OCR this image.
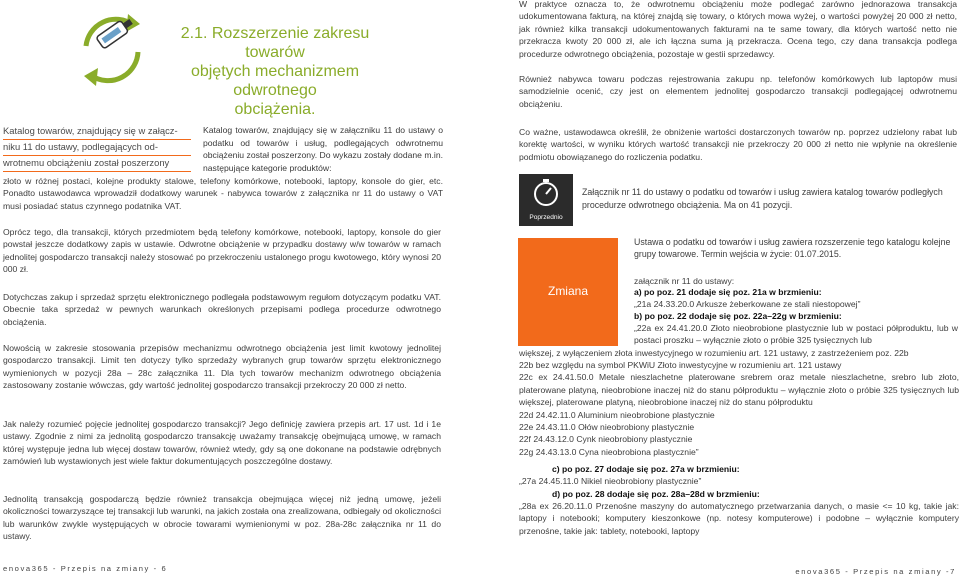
2.1. Rozszerzenie zakresu towarów
objętych mechanizmem odwrotnego
obciążenia.
Katalog towarów, znajdujący się w załącz-
niku 11 do ustawy, podlegających od-
wrotnemu obciążeniu został poszerzony
Katalog towarów, znajdujący się w załączniku 11 do ustawy o podatku od towarów i usług, podlegających odwrotnemu obciążeniu został poszerzony. Do wykazu zostały dodane m.in. następujące kategorie produktów:
złoto w różnej postaci, kolejne produkty stalowe, telefony komórkowe, notebooki, laptopy, konsole do gier, etc. Ponadto ustawodawca wprowadził dodatkowy warunek - nabywca towarów z załącznika nr 11 do ustawy o VAT musi posiadać status czynnego podatnika VAT.
Oprócz tego, dla transakcji, których przedmiotem będą telefony komórkowe, notebooki, laptopy, konsole do gier powstał jeszcze dodatkowy zapis w ustawie. Odwrotne obciążenie w przypadku dostawy w/w towarów w ramach jednolitej gospodarczo transakcji należy stosować po przekroczeniu ustalonego progu kwotowego, który wynosi 20 000 zł.
Dotychczas zakup i sprzedaż sprzętu elektronicznego podlegała podstawowym regułom dotyczącym podatku VAT. Obecnie taka sprzedaż w pewnych warunkach określonych przepisami podlega procedurze odwrotnego obciążenia.
Nowością w zakresie stosowania przepisów mechanizmu odwrotnego obciążenia jest limit kwotowy jednolitej gospodarczo transakcji. Limit ten dotyczy tylko sprzedaży wybranych grup towarów sprzętu elektronicznego wymienionych w pozycji 28a – 28c załącznika 11. Dla tych towarów mechanizm odwrotnego obciążenia zastosowany zostanie wówczas, gdy wartość jednolitej gospodarczo transakcji przekroczy 20 000 zł netto.
Jak należy rozumieć pojęcie jednolitej gospodarczo transakcji? Jego definicję zawiera przepis art. 17 ust. 1d i 1e ustawy. Zgodnie z nimi za jednolitą gospodarczo transakcję uważamy transakcję obejmującą umowę, w ramach której występuje jedna lub więcej dostaw towarów, również wtedy, gdy są one dokonane na podstawie odrębnych zamówień lub wystawionych jest wiele faktur dokumentujących poszczególne dostawy.
Jednolitą transakcją gospodarczą będzie również transakcja obejmująca więcej niż jedną umowę, jeżeli okoliczności towarzyszące tej transakcji lub warunki, na jakich została ona zrealizowana, odbiegały od okoliczności lub warunków zwykle występujących w obrocie towarami wymienionymi w poz. 28a-28c załącznika nr 11 do ustawy.
W praktyce oznacza to, że odwrotnemu obciążeniu może podlegać zarówno jednorazowa transakcja udokumentowana fakturą, na której znajdą się towary, o których mowa wyżej, o wartości powyżej 20 000 zł netto, jak również kilka transakcji udokumentowanych fakturami na te same towary, dla których wartość netto nie przekracza kwoty 20 000 zł, ale ich łączna suma ją przekracza. Ocena tego, czy dana transakcja podlega procedurze odwrotnego obciążenia, pozostaje w gestii sprzedawcy.
Również nabywca towaru podczas rejestrowania zakupu np. telefonów komórkowych lub laptopów musi samodzielnie ocenić, czy jest on elementem jednolitej gospodarczo transakcji podlegającej odwrotnemu obciążeniu.
Co ważne, ustawodawca określił, że obniżenie wartości dostarczonych towarów np. poprzez udzielony rabat lub korektę wartości, w wyniku których wartość transakcji nie przekroczy 20 000 zł netto nie wpłynie na określenie podmiotu obowiązanego do rozliczenia podatku.
Poprzednio
Załącznik nr 11 do ustawy o podatku od towarów i usług zawiera katalog towarów podległych procedurze odwrotnego obciążenia. Ma on 41 pozycji.
Zmiana
Ustawa o podatku od towarów i usług zawiera rozszerzenie tego katalogu kolejne grupy towarowe. Termin wejścia w życie: 01.07.2015.
załącznik nr 11 do ustawy:
a) po poz. 21 dodaje się poz. 21a w brzmieniu:
„21a 24.33.20.0 Arkusze żeberkowane ze stali niestopowej”
b) po poz. 22 dodaje się poz. 22a–22g w brzmieniu:
„22a ex 24.41.20.0 Złoto nieobrobione plastycznie lub w postaci półproduktu, lub w postaci proszku – wyłącznie złoto o próbie 325 tysięcznych lub
większej, z wyłączeniem złota inwestycyjnego w rozumieniu art. 121 ustawy, z zastrzeżeniem poz. 22b
22b bez względu na symbol PKWiU Złoto inwestycyjne w rozumieniu art. 121 ustawy
22c ex 24.41.50.0 Metale nieszlachetne platerowane srebrem oraz metale nieszlachetne, srebro lub złoto, platerowane platyną, nieobrobione inaczej niż do stanu półproduktu – wyłącznie złoto o próbie 325 tysięcznych lub większej, platerowane platyną, nieobrobione inaczej niż do stanu półproduktu
22d 24.42.11.0 Aluminium nieobrobione plastycznie
22e 24.43.11.0 Ołów nieobrobiony plastycznie
22f 24.43.12.0 Cynk nieobrobiony plastycznie
22g 24.43.13.0 Cyna nieobrobiona plastycznie”
c) po poz. 27 dodaje się poz. 27a w brzmieniu:
„27a 24.45.11.0 Nikiel nieobrobiony plastycznie”
d) po poz. 28 dodaje się poz. 28a–28d w brzmieniu:
„28a ex 26.20.11.0 Przenośne maszyny do automatycznego przetwarzania danych, o masie <= 10 kg, takie jak: laptopy i notebooki; komputery kieszonkowe (np. notesy komputerowe) i podobne – wyłącznie komputery przenośne, takie jak: tablety, notebooki, laptopy
enova365 - Przepis na zmiany - 6	enova365 - Przepis na zmiany -7
